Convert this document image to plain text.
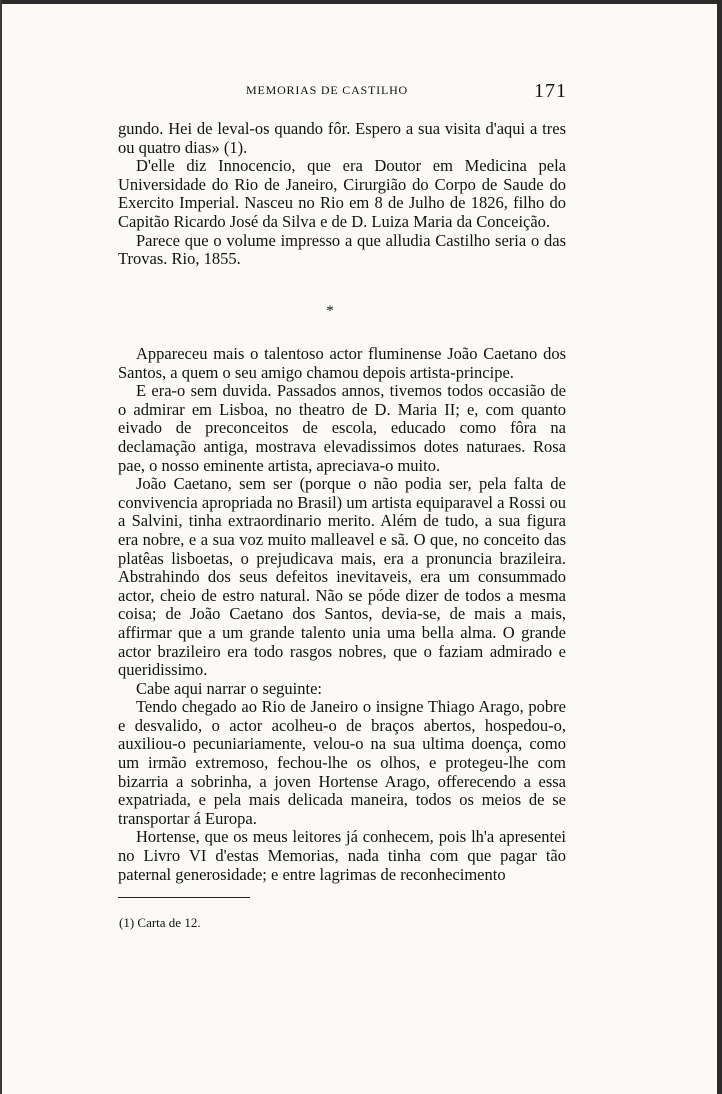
MEMORIAS DE CASTILHO	171

gundo. Hei de leval-os quando fôr. Espero a sua visita d'aqui a tres ou quatro dias» (1).

D'elle diz Innocencio, que era Doutor em Medicina pela Universidade do Rio de Janeiro, Cirurgião do Corpo de Saude do Exercito Imperial. Nasceu no Rio em 8 de Julho de 1826, filho do Capitão Ricardo José da Silva e de D. Luiza Maria da Conceição.

Parece que o volume impresso a que alludia Castilho seria o das Trovas. Rio, 1855.

*

Appareceu mais o talentoso actor fluminense João Caetano dos Santos, a quem o seu amigo chamou depois artista-principe.

E era-o sem duvida. Passados annos, tivemos todos occasião de o admirar em Lisboa, no theatro de D. Maria II; e, com quanto eivado de preconceitos de escola, educado como fôra na declamação antiga, mostrava elevadissimos dotes naturaes. Rosa pae, o nosso eminente artista, apreciava-o muito.

João Caetano, sem ser (porque o não podia ser, pela falta de convivencia apropriada no Brasil) um artista equiparavel a Rossi ou a Salvini, tinha extraordinario merito. Além de tudo, a sua figura era nobre, e a sua voz muito malleavel e sã. O que, no conceito das platêas lisboetas, o prejudicava mais, era a pronuncia brazileira. Abstrahindo dos seus defeitos inevitaveis, era um consummado actor, cheio de estro natural. Não se póde dizer de todos a mesma coisa; de João Caetano dos Santos, devia-se, de mais a mais, affirmar que a um grande talento unia uma bella alma. O grande actor brazileiro era todo rasgos nobres, que o faziam admirado e queridissimo.

Cabe aqui narrar o seguinte:

Tendo chegado ao Rio de Janeiro o insigne Thiago Arago, pobre e desvalido, o actor acolheu-o de braços abertos, hospedou-o, auxiliou-o pecuniariamente, velou-o na sua ultima doença, como um irmão extremoso, fechou-lhe os olhos, e protegeu-lhe com bizarria a sobrinha, a joven Hortense Arago, offerecendo a essa expatriada, e pela mais delicada maneira, todos os meios de se transportar á Europa.

Hortense, que os meus leitores já conhecem, pois lh'a apresentei no Livro VI d'estas Memorias, nada tinha com que pagar tão paternal generosidade; e entre lagrimas de reconhecimento

(1) Carta de 12.
